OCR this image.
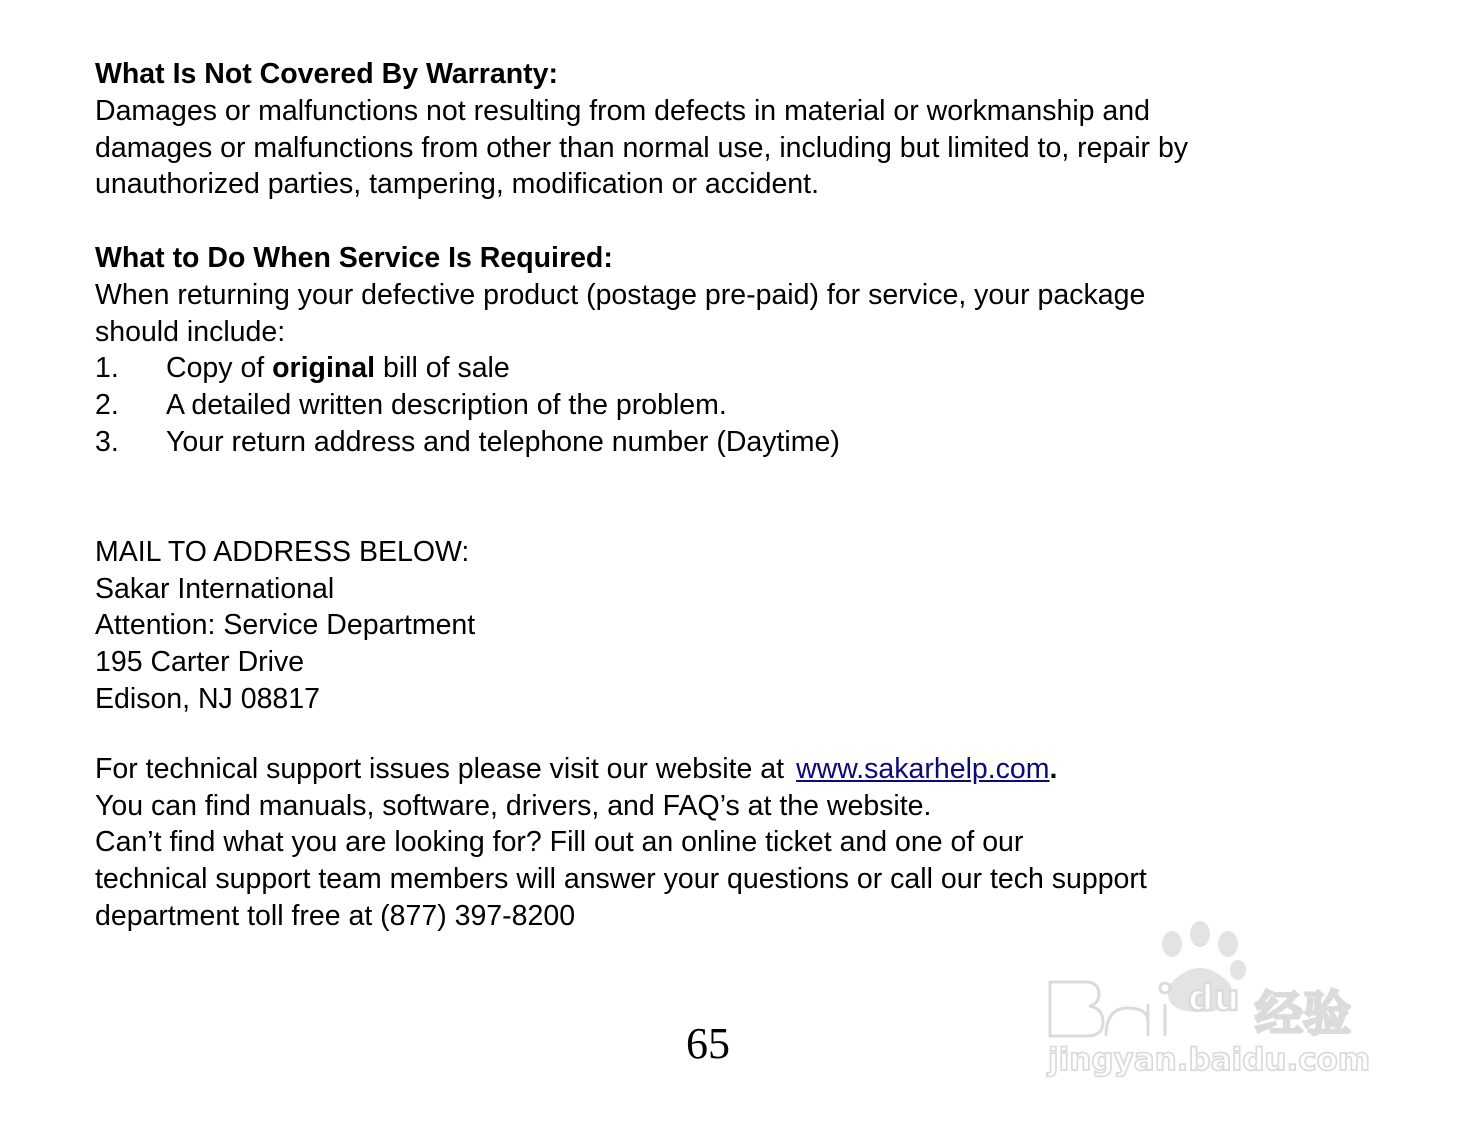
What Is Not Covered By Warranty:
Damages or malfunctions not resulting from defects in material or workmanship and
damages or malfunctions from other than normal use, including but limited to, repair by
unauthorized parties, tampering, modification or accident.
What to Do When Service Is Required:
When returning your defective product (postage pre-paid) for service, your package
should include:
1.	Copy of original bill of sale
2.	A detailed written description of the problem.
3.	Your return address and telephone number (Daytime)
MAIL TO ADDRESS BELOW:
Sakar International
Attention: Service Department
195 Carter Drive
Edison, NJ 08817
For technical support issues please visit our website at www.sakarhelp.com.
You can find manuals, software, drivers, and FAQ’s at the website.
Can’t find what you are looking for? Fill out an online ticket and one of our
technical support team members will answer your questions or call our tech support
department toll free at (877) 397-8200
65
du 经验
jingyan.baidu.com
